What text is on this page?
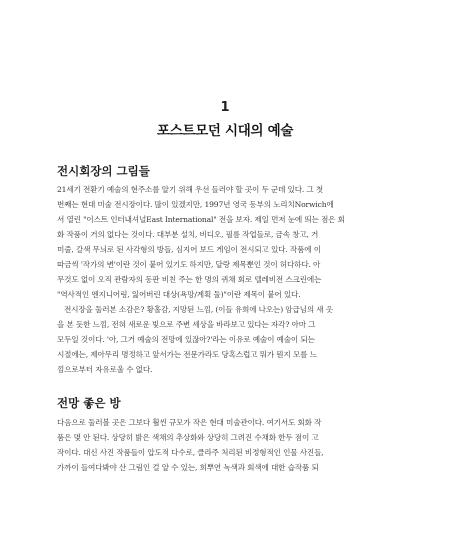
1
포스트모던 시대의 예술
전시회장의 그림들
21세기 전환기 예술의 현주소를 알기 위해 우선 들러야 할 곳이 두 군데 있다. 그 첫
번째는 현대 미술 전시장이다. 많이 있겠지만, 1997년 영국 동부의 노리치Norwich에
서 열린 "이스트 인터내셔널East International" 전을 보자. 제일 먼저 눈에 띄는 점은 회
화 작품이 거의 없다는 것이다. 대부분 설치, 비디오, 필름 작업들로, 금속 창고, 거
미줄, 갈색 무늬로 된 사각형의 방들, 심지어 보드 게임이 전시되고 있다. 작품에 이
따금씩 '작가의 변'이란 것이 붙어 있기도 하지만, 달랑 제목뿐인 것이 허다하다. 아
무것도 없이 오직 관람자의 동판 비친 주는 한 명의 퀴채 회로 텔레비전 스크린에는
"역사적인 엔지니어링, 잃어버린 대상(욕망/계획 둘)"이란 제목이 붙어 있다.
전시장을 둘러본 소감은? 황홀감, 지망된 느낌, (이들 유희에 나오는) 암급님의 새 옷
을 본 듯한 느낌, 전혀 새로운 빛으로 주변 세상을 바라보고 있다는 자각? 아마 그
모두일 것이다. '아, 그거 예술의 전망에 있잖아?'라는 이유로 예술이 예술이 되는
시절에는, 제아무리 명정하고 앞서가는 전문가라도 당혹스럽고 뭐가 뭔지 모를 느
낌으로부터 자유로울 수 없다.
전망 좋은 방
다음으로 둘러볼 곳은 그보다 훨씬 규모가 작은 현대 미술관이다. 여기서도 회화 작
품은 몇 안 된다. 상당히 밝은 색채의 추상화와 상당히 그려진 수채화 한두 점이 고
작이다. 대신 사진 작품들이 압도적 다수로, 클라주 처리된 비정형적인 인물 사진들,
가까이 들여다봐야 산 그림인 걸 알 수 있는, 희뿌연 녹색과 회색에 대한 습작품 되
